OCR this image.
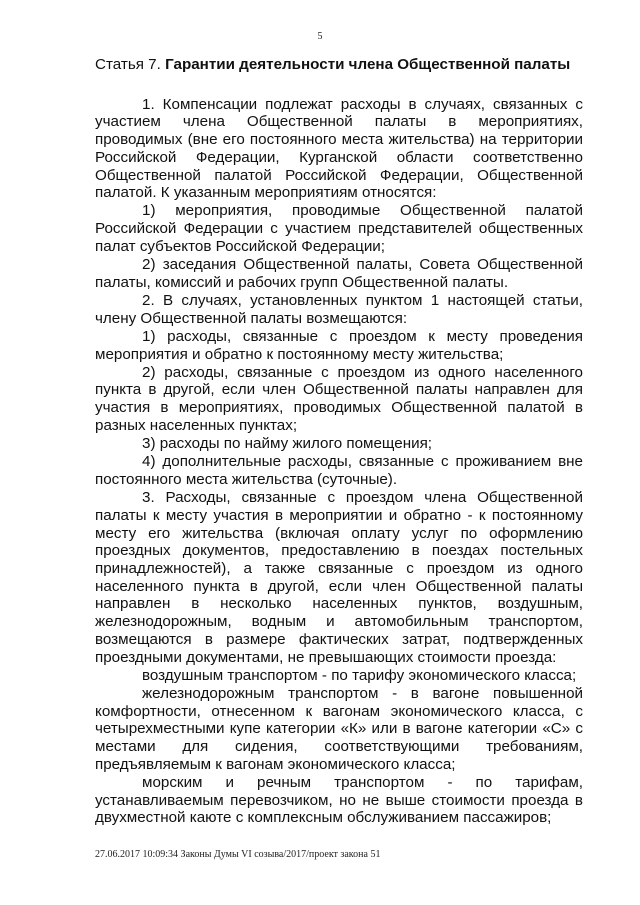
5

Статья 7. Гарантии деятельности члена Общественной палаты

1. Компенсации подлежат расходы в случаях, связанных с участием члена Общественной палаты в мероприятиях, проводимых (вне его постоянного места жительства) на территории Российской Федерации, Курганской области соответственно Общественной палатой Российской Федерации, Общественной палатой. К указанным мероприятиям относятся:

1) мероприятия, проводимые Общественной палатой Российской Федерации с участием представителей общественных палат субъектов Российской Федерации;

2) заседания Общественной палаты, Совета Общественной палаты, комиссий и рабочих групп Общественной палаты.

2. В случаях, установленных пунктом 1 настоящей статьи, члену Общественной палаты возмещаются:

1) расходы, связанные с проездом к месту проведения мероприятия и обратно к постоянному месту жительства;

2) расходы, связанные с проездом из одного населенного пункта в другой, если член Общественной палаты направлен для участия в мероприятиях, проводимых Общественной палатой в разных населенных пунктах;

3) расходы по найму жилого помещения;

4) дополнительные расходы, связанные с проживанием вне постоянного места жительства (суточные).

3. Расходы, связанные с проездом члена Общественной палаты к месту участия в мероприятии и обратно - к постоянному месту его жительства (включая оплату услуг по оформлению проездных документов, предоставлению в поездах постельных принадлежностей), а также связанные с проездом из одного населенного пункта в другой, если член Общественной палаты направлен в несколько населенных пунктов, воздушным, железнодорожным, водным и автомобильным транспортом, возмещаются в размере фактических затрат, подтвержденных проездными документами, не превышающих стоимости проезда:

воздушным транспортом - по тарифу экономического класса;

железнодорожным транспортом - в вагоне повышенной комфортности, отнесенном к вагонам экономического класса, с четырехместными купе категории «К» или в вагоне категории «С» с местами для сидения, соответствующими требованиям, предъявляемым к вагонам экономического класса;

морским и речным транспортом - по тарифам, устанавливаемым перевозчиком, но не выше стоимости проезда в двухместной каюте с комплексным обслуживанием пассажиров;

27.06.2017 10:09:34 Законы Думы VI созыва/2017/проект закона 51
